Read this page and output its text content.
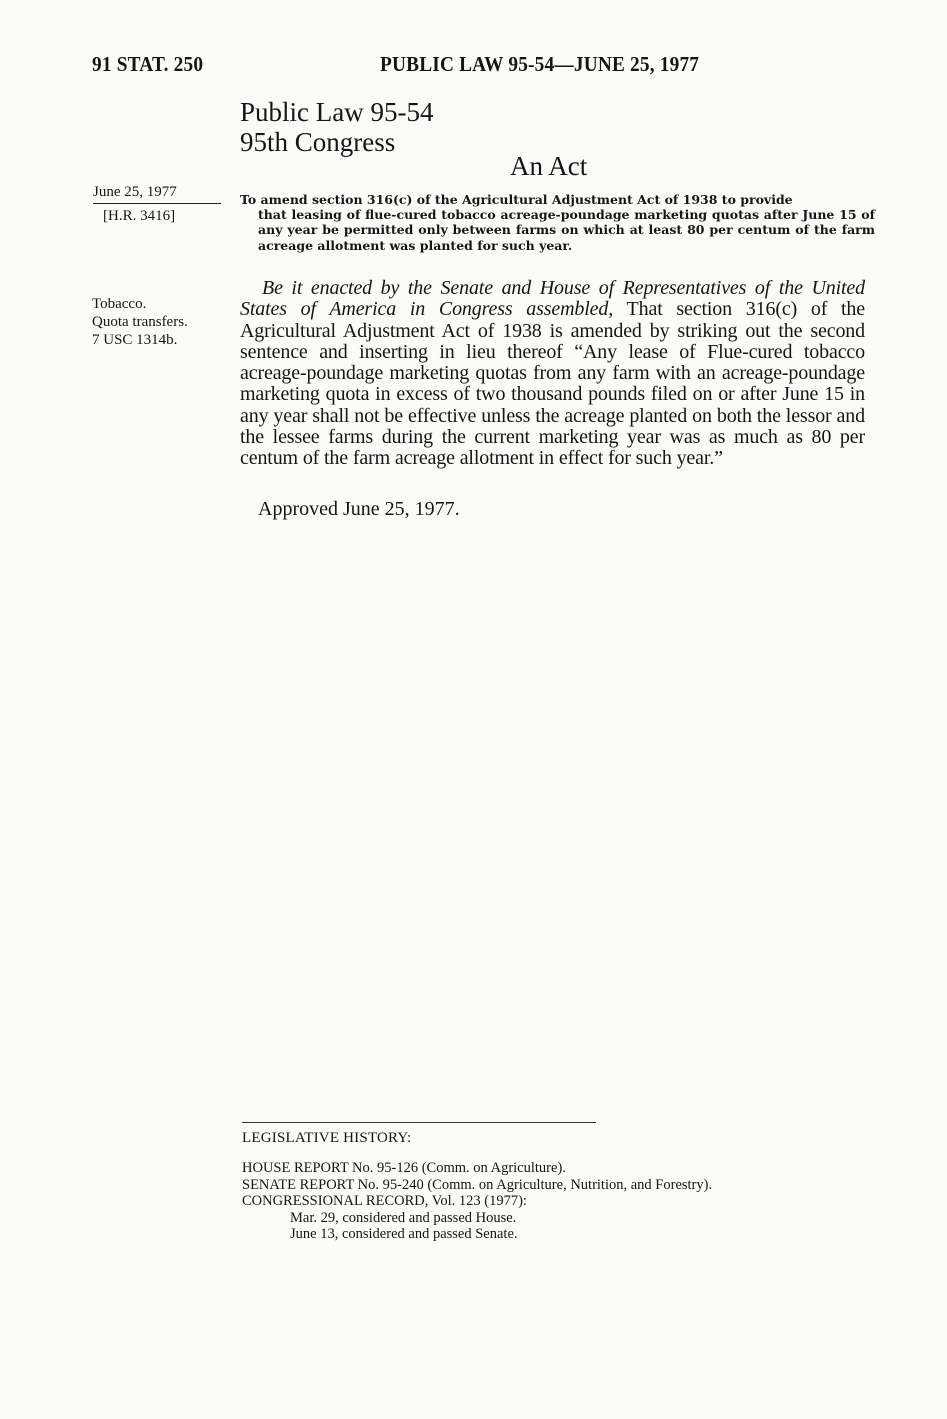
91 STAT. 250	PUBLIC LAW 95-54—JUNE 25, 1977
Public Law 95-54
95th Congress
An Act
June 25, 1977
[H.R. 3416]
To amend section 316(c) of the Agricultural Adjustment Act of 1938 to provide
that leasing of flue-cured tobacco acreage-poundage marketing quotas after June 15 of any year be permitted only between farms on which at least 80 per centum of the farm acreage allotment was planted for such year.
Tobacco.
Quota transfers.
7 USC 1314b.

Be it enacted by the Senate and House of Representatives of the United States of America in Congress assembled, That section 316(c) of the Agricultural Adjustment Act of 1938 is amended by striking out the second sentence and inserting in lieu thereof “Any lease of Flue-cured tobacco acreage-poundage marketing quotas from any farm with an acreage-poundage marketing quota in excess of two thousand pounds filed on or after June 15 in any year shall not be effective unless the acreage planted on both the lessor and the lessee farms during the current marketing year was as much as 80 per centum of the farm acreage allotment in effect for such year.”

Approved June 25, 1977.
LEGISLATIVE HISTORY:
HOUSE REPORT No. 95-126 (Comm. on Agriculture).
SENATE REPORT No. 95-240 (Comm. on Agriculture, Nutrition, and Forestry).
CONGRESSIONAL RECORD, Vol. 123 (1977):
Mar. 29, considered and passed House.
June 13, considered and passed Senate.
